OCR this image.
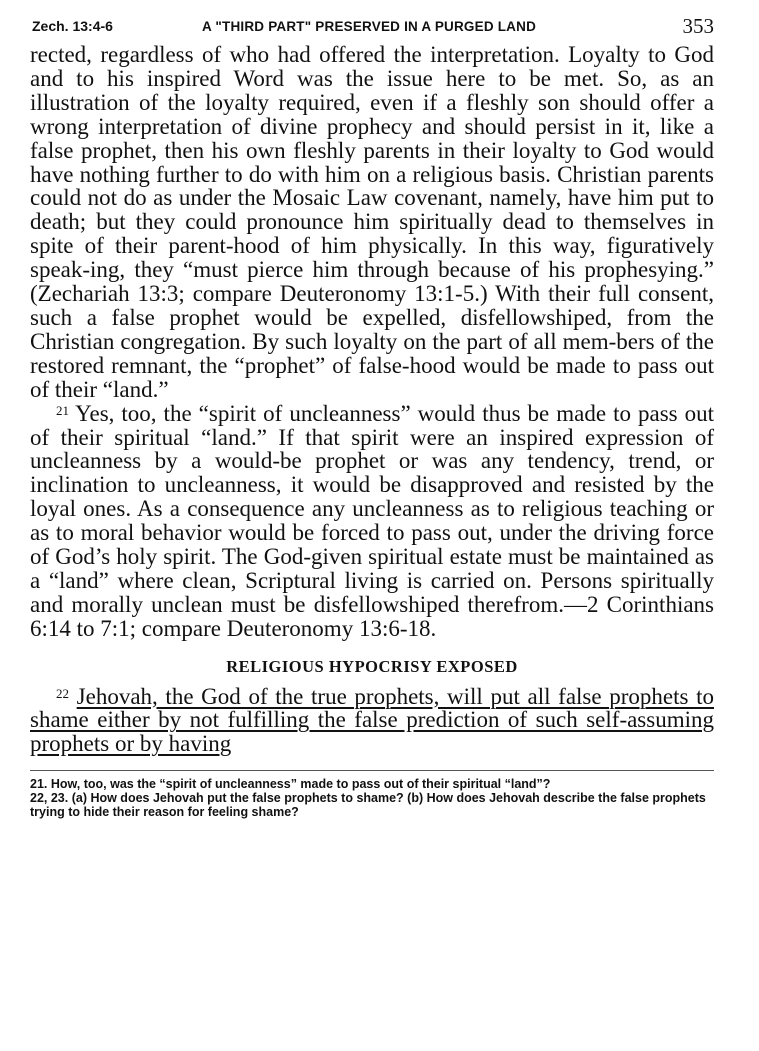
Zech. 13:4-6	A "THIRD PART" PRESERVED IN A PURGED LAND	353

rected, regardless of who had offered the interpretation. Loyalty to God and to his inspired Word was the issue here to be met. So, as an illustration of the loyalty required, even if a fleshly son should offer a wrong interpretation of divine prophecy and should persist in it, like a false prophet, then his own fleshly parents in their loyalty to God would have nothing further to do with him on a religious basis. Christian parents could not do as under the Mosaic Law covenant, namely, have him put to death; but they could pronounce him spiritually dead to themselves in spite of their parent-hood of him physically. In this way, figuratively speak-ing, they “must pierce him through because of his prophesying.” (Zechariah 13:3; compare Deuteronomy 13:1-5.) With their full consent, such a false prophet would be expelled, disfellowshiped, from the Christian congregation. By such loyalty on the part of all mem-bers of the restored remnant, the “prophet” of false-hood would be made to pass out of their “land.”

$^{21}$ Yes, too, the “spirit of uncleanness” would thus be made to pass out of their spiritual “land.” If that spirit were an inspired expression of uncleanness by a would-be prophet or was any tendency, trend, or inclination to uncleanness, it would be disapproved and resisted by the loyal ones. As a consequence any uncleanness as to religious teaching or as to moral behavior would be forced to pass out, under the driving force of God’s holy spirit. The God-given spiritual estate must be maintained as a “land” where clean, Scriptural living is carried on. Persons spiritually and morally unclean must be disfellowshiped therefrom.—2 Corinthians 6:14 to 7:1; compare Deuteronomy 13:6-18.

RELIGIOUS HYPOCRISY EXPOSED

$^{22}$ Jehovah, the God of the true prophets, will put all false prophets to shame either by not fulfilling the false prediction of such self-assuming prophets or by having

21. How, too, was the “spirit of uncleanness” made to pass out of their spiritual “land”?

22, 23. (a) How does Jehovah put the false prophets to shame? (b) How does Jehovah describe the false prophets trying to hide their reason for feeling shame?
